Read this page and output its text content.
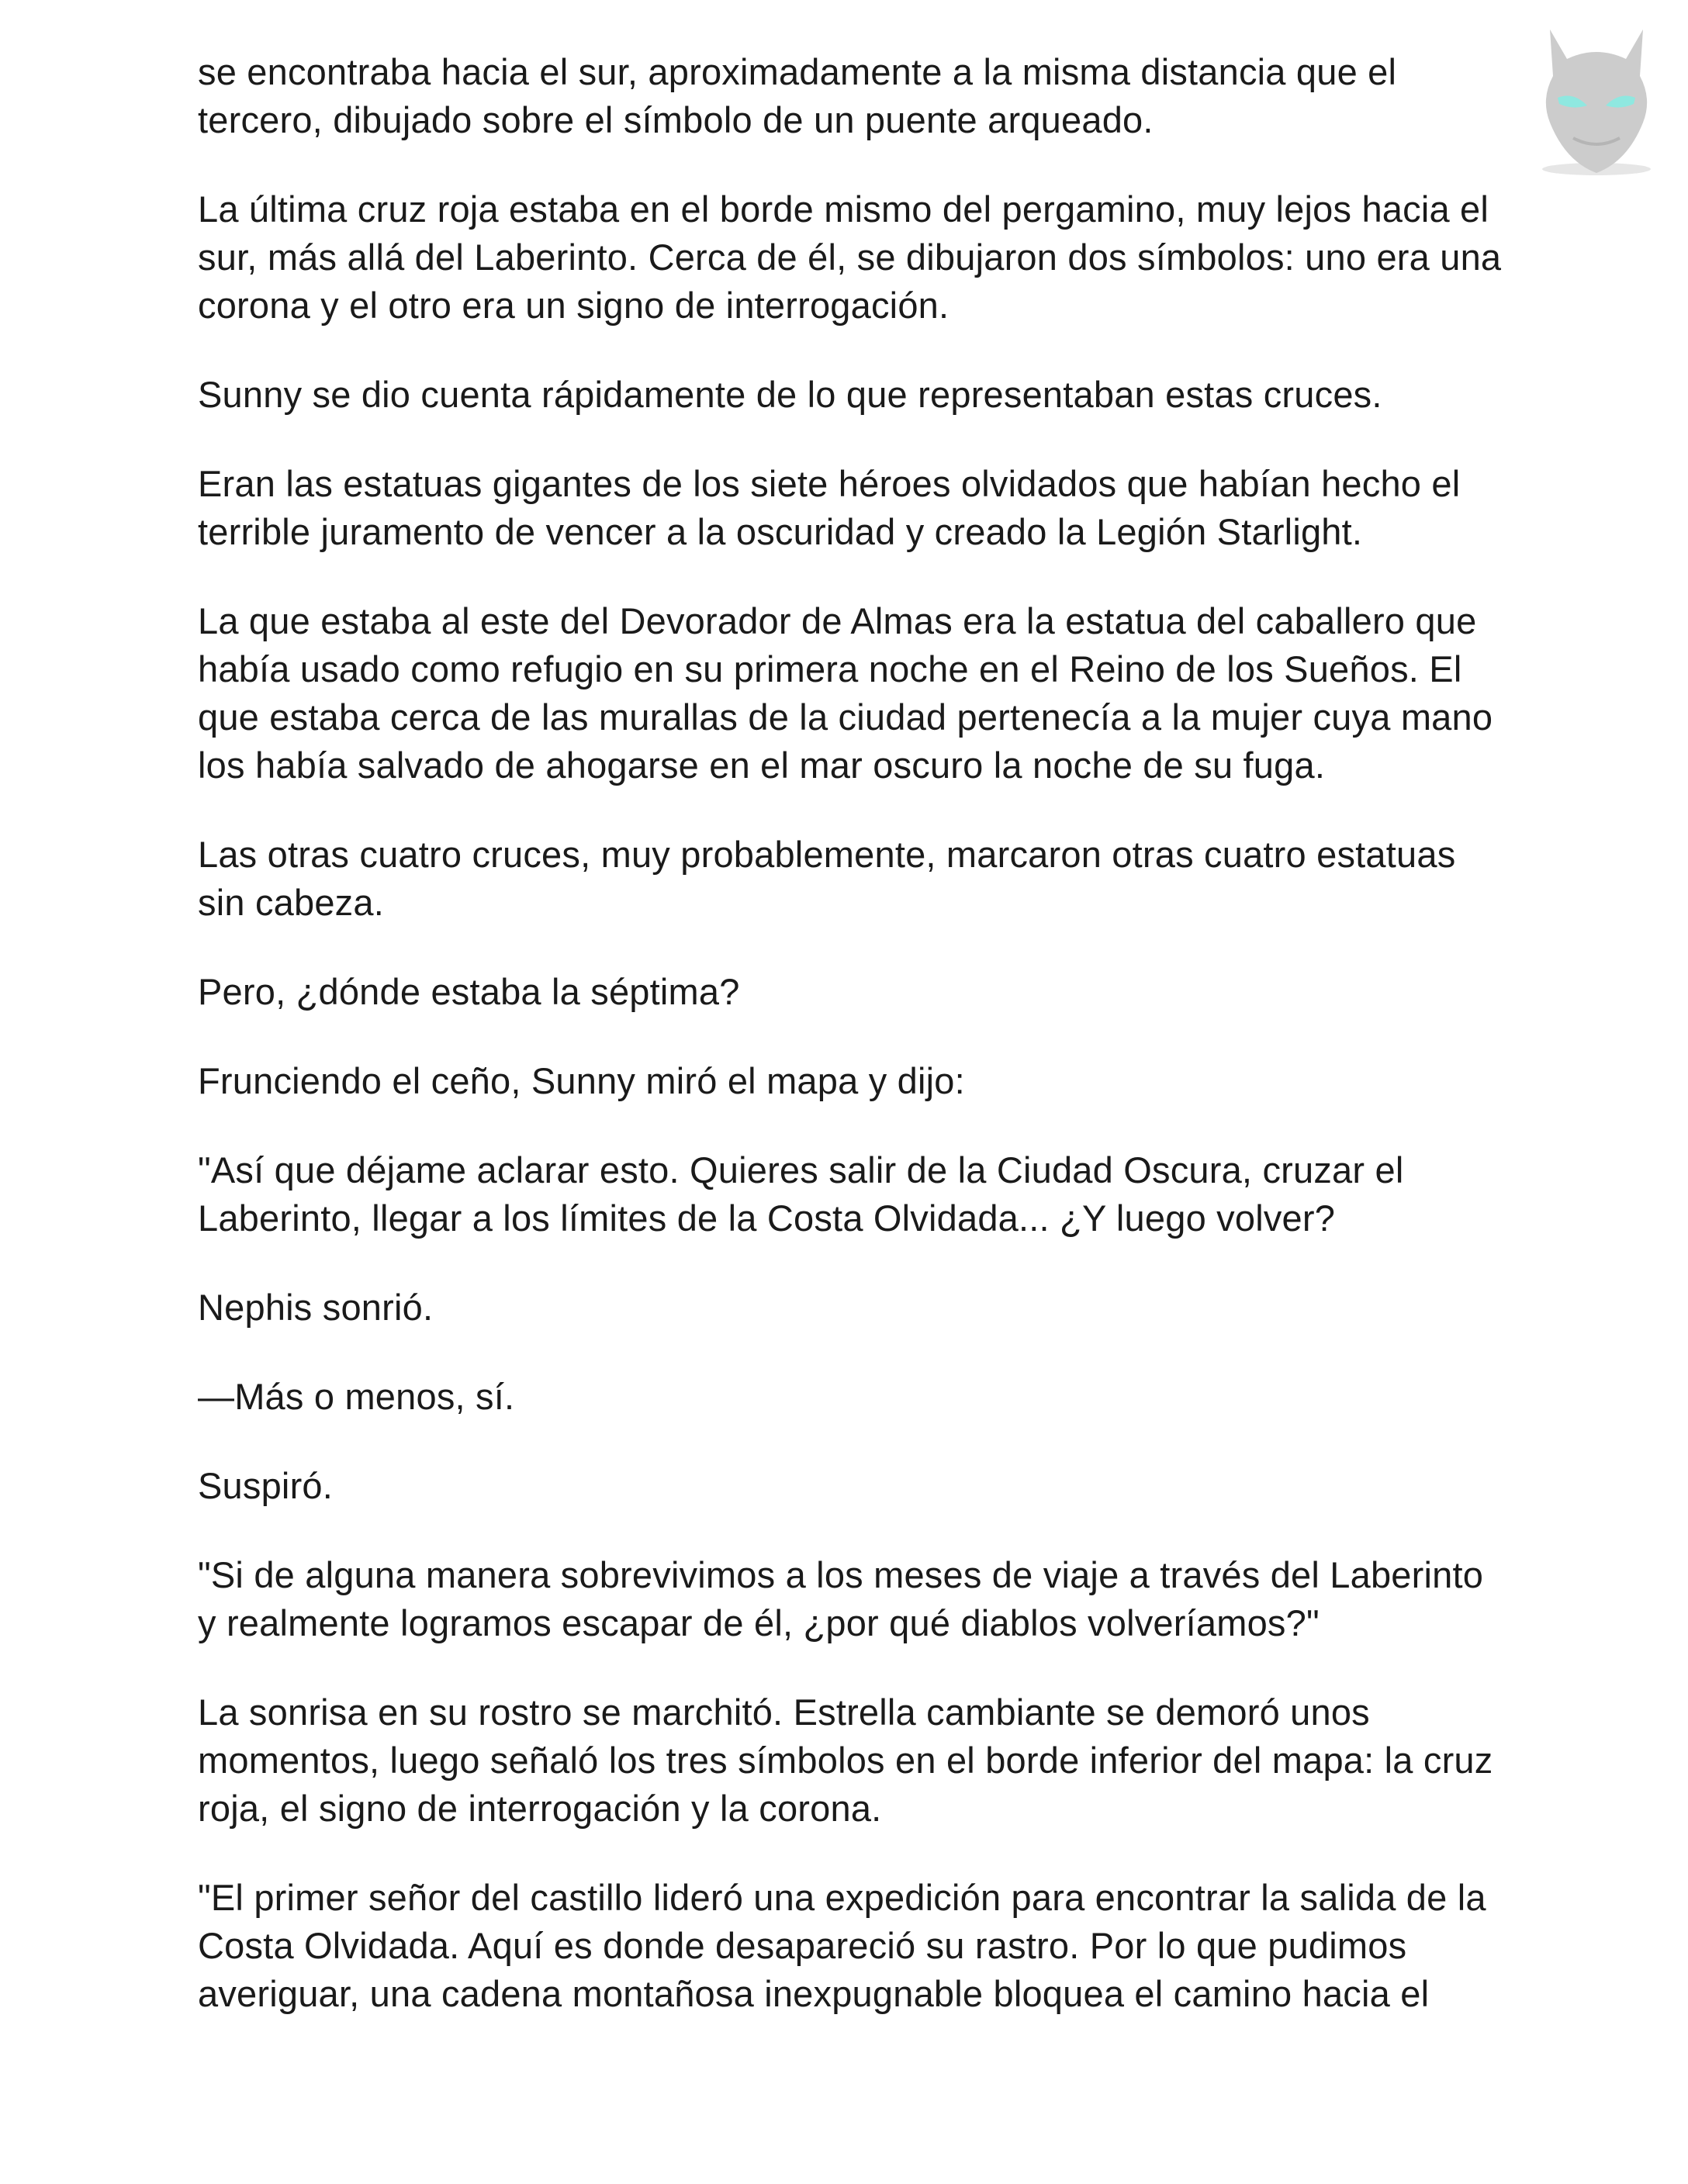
se encontraba hacia el sur, aproximadamente a la misma distancia que el tercero, dibujado sobre el símbolo de un puente arqueado.

La última cruz roja estaba en el borde mismo del pergamino, muy lejos hacia el sur, más allá del Laberinto. Cerca de él, se dibujaron dos símbolos: uno era una corona y el otro era un signo de interrogación.

Sunny se dio cuenta rápidamente de lo que representaban estas cruces.

Eran las estatuas gigantes de los siete héroes olvidados que habían hecho el terrible juramento de vencer a la oscuridad y creado la Legión Starlight.

La que estaba al este del Devorador de Almas era la estatua del caballero que había usado como refugio en su primera noche en el Reino de los Sueños. El que estaba cerca de las murallas de la ciudad pertenecía a la mujer cuya mano los había salvado de ahogarse en el mar oscuro la noche de su fuga.

Las otras cuatro cruces, muy probablemente, marcaron otras cuatro estatuas sin cabeza.

Pero, ¿dónde estaba la séptima?

Frunciendo el ceño, Sunny miró el mapa y dijo:

"Así que déjame aclarar esto. Quieres salir de la Ciudad Oscura, cruzar el Laberinto, llegar a los límites de la Costa Olvidada... ¿Y luego volver?

Nephis sonrió.

—Más o menos, sí.

Suspiró.

"Si de alguna manera sobrevivimos a los meses de viaje a través del Laberinto y realmente logramos escapar de él, ¿por qué diablos volveríamos?"

La sonrisa en su rostro se marchitó. Estrella cambiante se demoró unos momentos, luego señaló los tres símbolos en el borde inferior del mapa: la cruz roja, el signo de interrogación y la corona.

"El primer señor del castillo lideró una expedición para encontrar la salida de la Costa Olvidada. Aquí es donde desapareció su rastro. Por lo que pudimos averiguar, una cadena montañosa inexpugnable bloquea el camino hacia el
